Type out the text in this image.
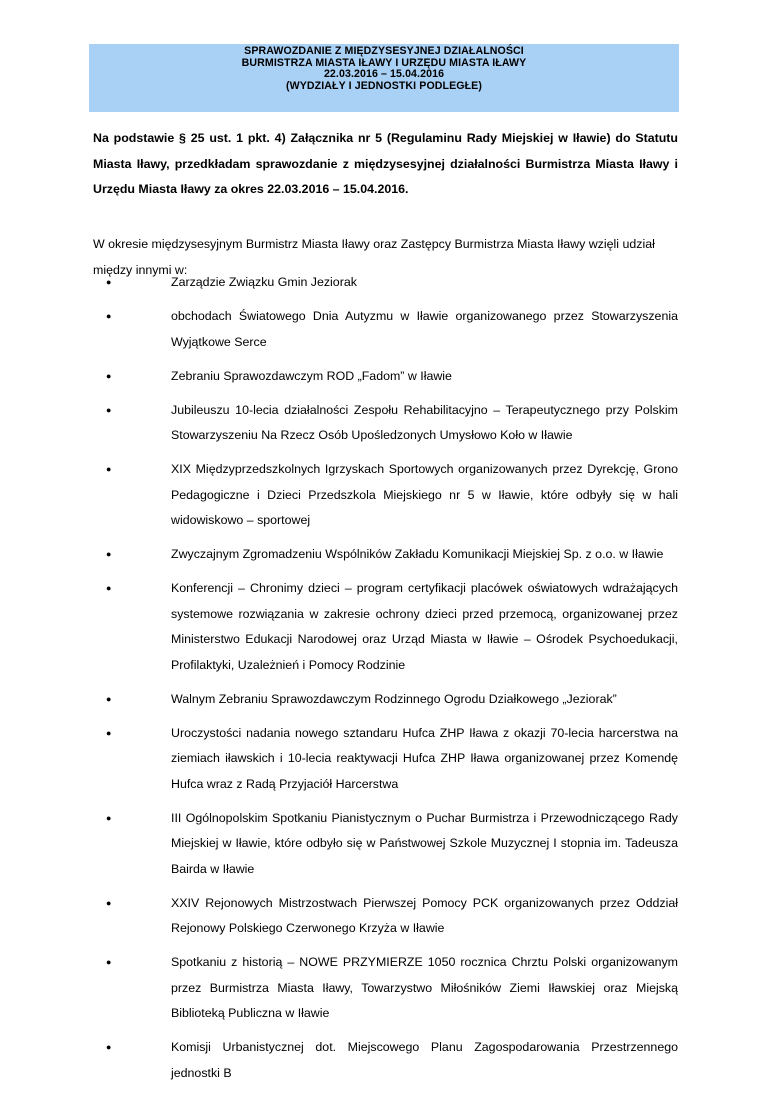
SPRAWOZDANIE Z MIĘDZYSESYJNEJ DZIAŁALNOŚCI
BURMISTRZA MIASTA IŁAWY I URZĘDU MIASTA IŁAWY
22.03.2016 – 15.04.2016
(WYDZIAŁY I JEDNOSTKI PODLEGŁE)
Na podstawie § 25 ust. 1 pkt. 4) Załącznika nr 5 (Regulaminu Rady Miejskiej w Iławie) do Statutu Miasta Iławy, przedkładam sprawozdanie z międzysesyjnej działalności Burmistrza Miasta Iławy i Urzędu Miasta Iławy za okres 22.03.2016 – 15.04.2016.
W okresie międzysesyjnym Burmistrz Miasta Iławy oraz Zastępcy Burmistrza Miasta Iławy wzięli udział między innymi w:
●	Zarządzie Związku Gmin Jeziorak
●	obchodach Światowego Dnia Autyzmu w Iławie organizowanego przez Stowarzyszenia Wyjątkowe Serce
●	Zebraniu Sprawozdawczym ROD „Fadom” w Iławie
●	Jubileuszu 10-lecia działalności Zespołu Rehabilitacyjno – Terapeutycznego przy Polskim Stowarzyszeniu Na Rzecz Osób Upośledzonych Umysłowo Koło w Iławie
●	XIX Międzyprzedszkolnych Igrzyskach Sportowych organizowanych przez Dyrekcję, Grono Pedagogiczne i Dzieci Przedszkola Miejskiego nr 5 w Iławie, które odbyły się w hali widowiskowo – sportowej
●	Zwyczajnym Zgromadzeniu Wspólników Zakładu Komunikacji Miejskiej Sp. z o.o. w Iławie
●	Konferencji – Chronimy dzieci – program certyfikacji placówek oświatowych wdrażających systemowe rozwiązania w zakresie ochrony dzieci przed przemocą, organizowanej przez Ministerstwo Edukacji Narodowej oraz Urząd Miasta w Iławie – Ośrodek Psychoedukacji, Profilaktyki, Uzależnień i Pomocy Rodzinie
●	Walnym Zebraniu Sprawozdawczym Rodzinnego Ogrodu Działkowego „Jeziorak”
●	Uroczystości nadania nowego sztandaru Hufca ZHP Iława z okazji 70-lecia harcerstwa na ziemiach iławskich i 10-lecia reaktywacji Hufca ZHP Iława organizowanej przez Komendę Hufca wraz z Radą Przyjaciół Harcerstwa
●	III Ogólnopolskim Spotkaniu Pianistycznym o Puchar Burmistrza i Przewodniczącego Rady Miejskiej w Iławie, które odbyło się w Państwowej Szkole Muzycznej I stopnia im. Tadeusza Bairda w Iławie
●	XXIV Rejonowych Mistrzostwach Pierwszej Pomocy PCK organizowanych przez Oddział Rejonowy Polskiego Czerwonego Krzyża w Iławie
●	Spotkaniu z historią – NOWE PRZYMIERZE 1050 rocznica Chrztu Polski organizowanym przez Burmistrza Miasta Iławy, Towarzystwo Miłośników Ziemi Iławskiej oraz Miejską Biblioteką Publiczna w Iławie
●	Komisji Urbanistycznej dot. Miejscowego Planu Zagospodarowania Przestrzennego jednostki B
